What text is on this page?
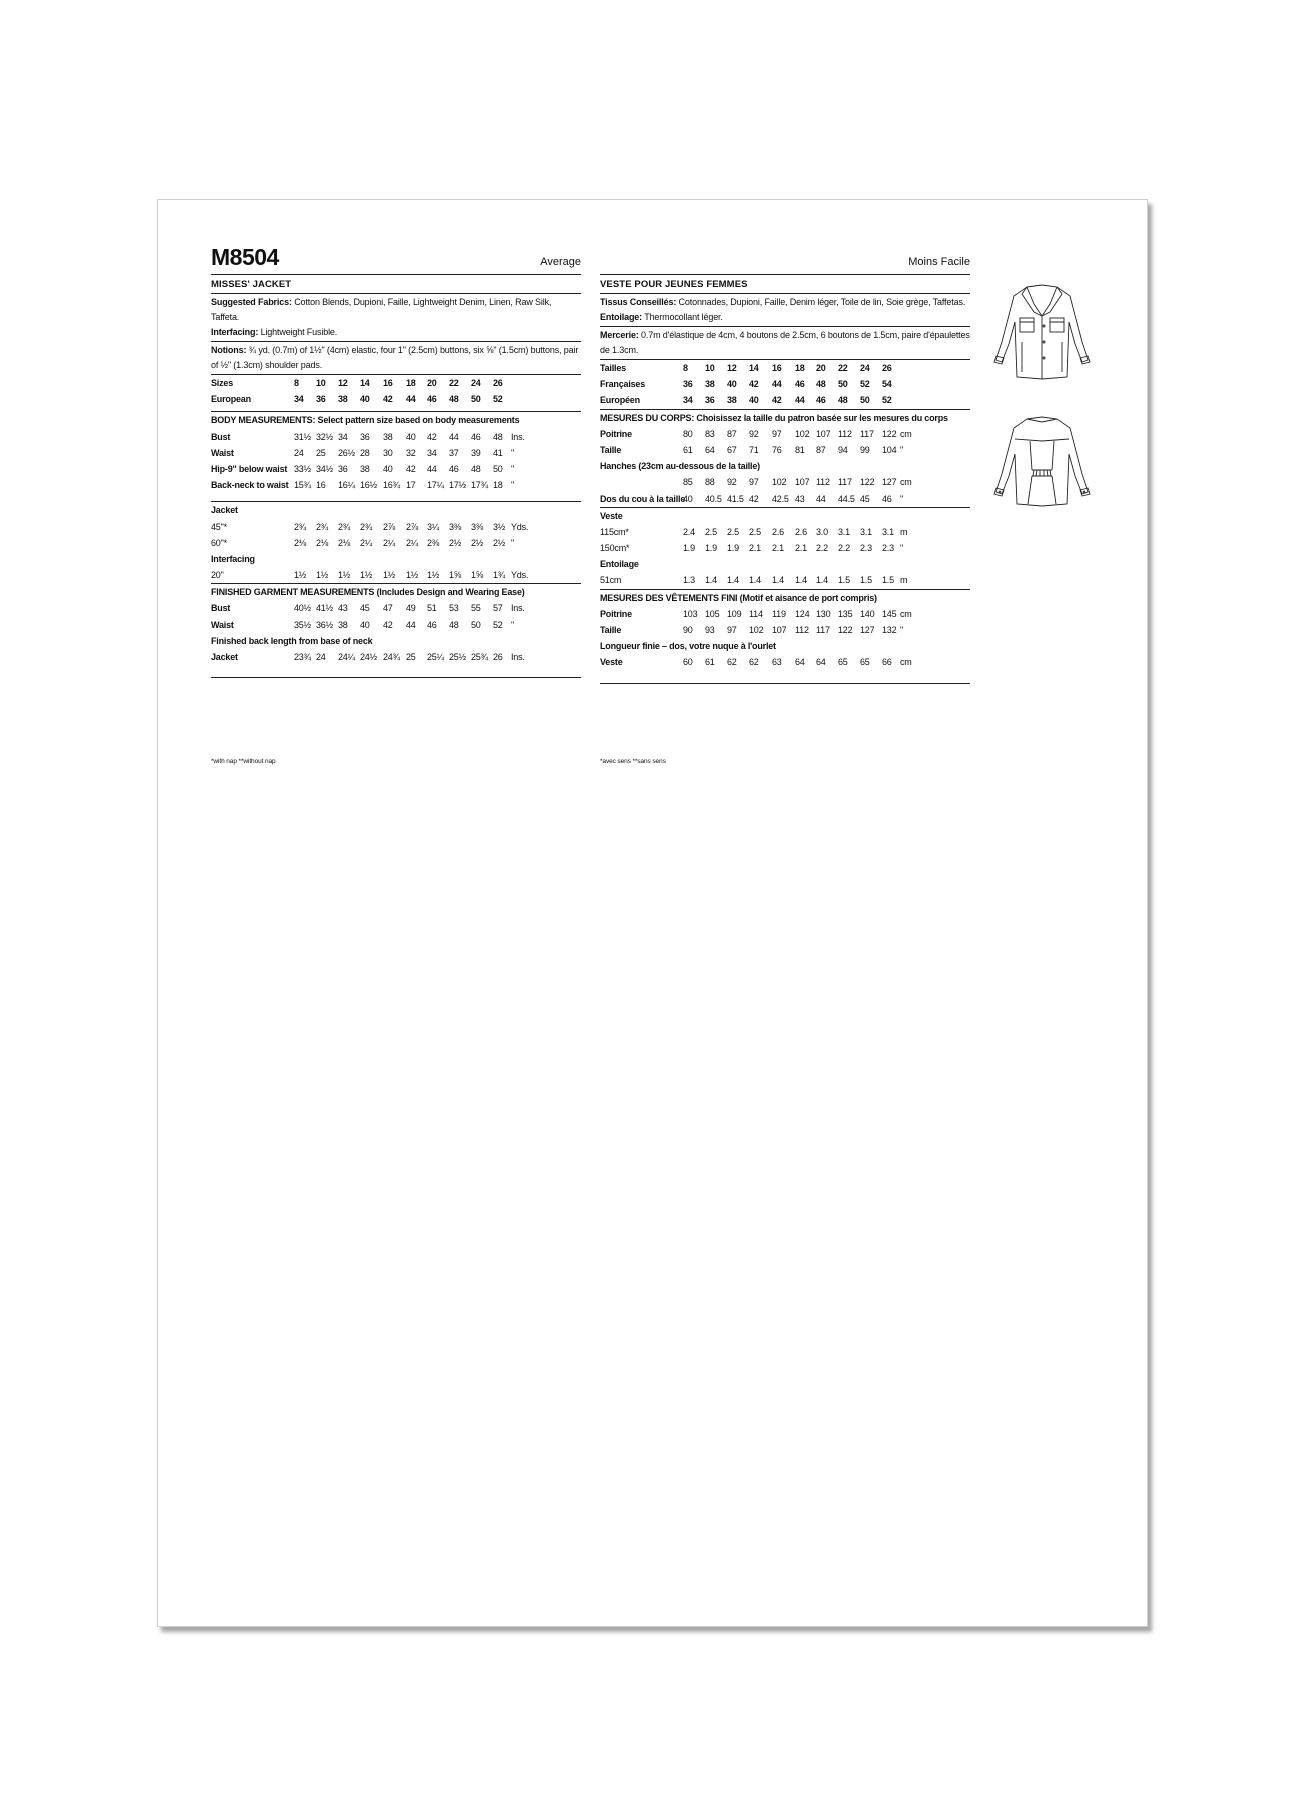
M8504	Average
MISSES' JACKET
Suggested Fabrics: Cotton Blends, Dupioni, Faille, Lightweight Denim, Linen, Raw Silk, Taffeta.
Interfacing: Lightweight Fusible.
Notions: ¾ yd. (0.7m) of 1½" (4cm) elastic, four 1" (2.5cm) buttons, six ⅝" (1.5cm) buttons, pair
of ½" (1.3cm) shoulder pads.
Sizes	8 10 12 14 16 18 20 22 24 26
European	34 36 38 40 42 44 46 48 50 52
BODY MEASUREMENTS: Select pattern size based on body measurements
Bust	31½ 32½ 34 36 38 40 42 44 46 48 Ins.
Waist	24 25 26½ 28 30 32 34 37 39 41 "
Hip-9" below waist 33½ 34½ 36 38 40 42 44 46 48 50 "
Back-neck to waist 15¾ 16 16¼ 16½ 16¾ 17 17¼ 17½ 17¾ 18 "
Jacket
45"*	2¾ 2¾ 2¾ 2¾ 2⅞ 2⅞ 3¼ 3⅜ 3⅜ 3½ Yds.
60"*	2⅛ 2⅛ 2⅛ 2¼ 2¼ 2¼ 2⅜ 2½ 2½ 2½ "
Interfacing
20"	1½ 1½ 1½ 1½ 1½ 1½ 1½ 1⅝ 1⅝ 1¾ Yds.
FINISHED GARMENT MEASUREMENTS (Includes Design and Wearing Ease)
Bust	40½ 41½ 43 45 47 49 51 53 55 57 Ins.
Waist	35½ 36½ 38 40 42 44 46 48 50 52 "
Finished back length from base of neck
Jacket	23¾ 24 24¼ 24½ 24¾ 25 25¼ 25½ 25¾ 26 Ins.
*with nap **without nap
Moins Facile
VESTE POUR JEUNES FEMMES
Tissus Conseillés: Cotonnades, Dupioni, Faille, Denim léger, Toile de lin, Soie grège, Taffetas.
Entoilage: Thermocollant léger.
Mercerie: 0.7m d'élastique de 4cm, 4 boutons de 2.5cm, 6 boutons de 1.5cm, paire d'épaulettes
de 1.3cm.
Tailles	8 10 12 14 16 18 20 22 24 26
Françaises	36 38 40 42 44 46 48 50 52 54
Européen	34 36 38 40 42 44 46 48 50 52
MESURES DU CORPS: Choisissez la taille du patron basée sur les mesures du corps
Poitrine	80 83 87 92 97 102 107 112 117 122 cm
Taille	61 64 67 71 76 81 87 94 99 104 "
Hanches (23cm au-dessous de la taille)
85 88 92 97 102 107 112 117 122 127 cm
Dos du cou à la taille
40 40.5 41.5 42 42.5 43 44 44.5 45 46 "
Veste
115cm*	2.4 2.5 2.5 2.5 2.6 2.6 3.0 3.1 3.1 3.1 m
150cm*	1.9 1.9 1.9 2.1 2.1 2.1 2.2 2.2 2.3 2.3 "
Entoilage
51cm	1.3 1.4 1.4 1.4 1.4 1.4 1.4 1.5 1.5 1.5 m
MESURES DES VÊTEMENTS FINI (Motif et aisance de port compris)
Poitrine	103 105 109 114 119 124 130 135 140 145 cm
Taille	90 93 97 102 107 112 117 122 127 132 "
Longueur finie – dos, votre nuque à l'ourlet
Veste	60 61 62 62 63 64 64 65 65 66 cm
*avec sens **sans sens
